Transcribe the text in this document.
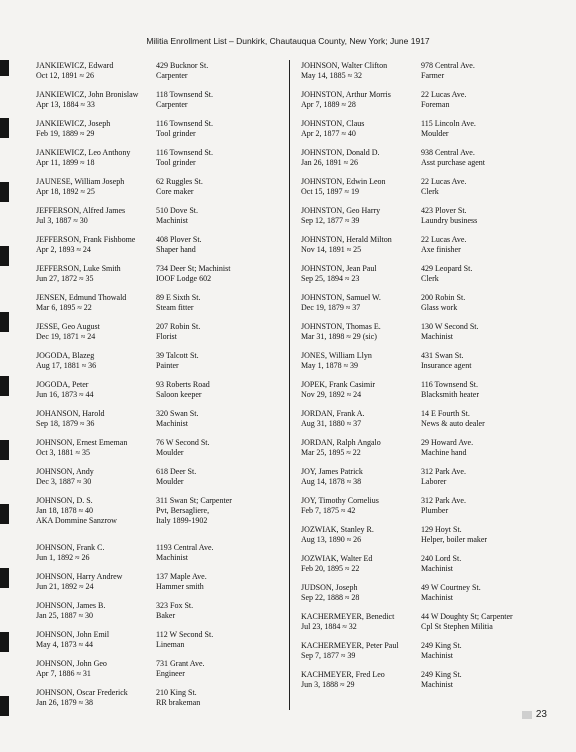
Militia Enrollment List – Dunkirk, Chautauqua County, New York; June 1917
JANKIEWICZ, Edward
Oct 12, 1891 ≈ 26
429 Bucknor St.
Carpenter
JANKIEWICZ, John Bronislaw
Apr 13, 1884 ≈ 33
118 Townsend St.
Carpenter
JANKIEWICZ, Joseph
Feb 19, 1889 ≈ 29
116 Townsend St.
Tool grinder
JANKIEWICZ, Leo Anthony
Apr 11, 1899 ≈ 18
116 Townsend St.
Tool grinder
JAUNESE, William Joseph
Apr 18, 1892 ≈ 25
62 Ruggles St.
Core maker
JEFFERSON, Alfred James
Jul 3, 1887 ≈ 30
510 Dove St.
Machinist
JEFFERSON, Frank Fishbome
Apr 2, 1893 ≈ 24
408 Plover St.
Shaper hand
JEFFERSON, Luke Smith
Jun 27, 1872 ≈ 35
734 Deer St; Machinist
IOOF Lodge 602
JENSEN, Edmund Thowald
Mar 6, 1895 ≈ 22
89 E Sixth St.
Steam fitter
JESSE, Geo August
Dec 19, 1871 ≈ 24
207 Robin St.
Florist
JOGODA, Blazeg
Aug 17, 1881 ≈ 36
39 Talcott St.
Painter
JOGODA, Peter
Jun 16, 1873 ≈ 44
93 Roberts Road
Saloon keeper
JOHANSON, Harold
Sep 18, 1879 ≈ 36
320 Swan St.
Machinist
JOHNSON, Ernest Ememan
Oct 3, 1881 ≈ 35
76 W Second St.
Moulder
JOHNSON, Andy
Dec 3, 1887 ≈ 30
618 Deer St.
Moulder
JOHNSON, D. S.
Jan 18, 1878 ≈ 40
AKA Dommine Sanzrow
311 Swan St; Carpenter
Pvt, Bersagliere,
Italy 1899-1902
JOHNSON, Frank C.
Jun 1, 1892 ≈ 26
1193 Central Ave.
Machinist
JOHNSON, Harry Andrew
Jun 21, 1892 ≈ 24
137 Maple Ave.
Hammer smith
JOHNSON, James B.
Jan 25, 1887 ≈ 30
323 Fox St.
Baker
JOHNSON, John Emil
May 4, 1873 ≈ 44
112 W Second St.
Lineman
JOHNSON, John Geo
Apr 7, 1886 ≈ 31
731 Grant Ave.
Engineer
JOHNSON, Oscar Frederick
Jan 26, 1879 ≈ 38
210 King St.
RR brakeman
JOHNSON, Walter Clifton
May 14, 1885 ≈ 32
978 Central Ave.
Farmer
JOHNSTON, Arthur Morris
Apr 7, 1889 ≈ 28
22 Lucas Ave.
Foreman
JOHNSTON, Claus
Apr 2, 1877 ≈ 40
115 Lincoln Ave.
Moulder
JOHNSTON, Donald D.
Jan 26, 1891 ≈ 26
938 Central Ave.
Asst purchase agent
JOHNSTON, Edwin Leon
Oct 15, 1897 ≈ 19
22 Lucas Ave.
Clerk
JOHNSTON, Geo Harry
Sep 12, 1877 ≈ 39
423 Plover St.
Laundry business
JOHNSTON, Herald Milton
Nov 14, 1891 ≈ 25
22 Lucas Ave.
Axe finisher
JOHNSTON, Jean Paul
Sep 25, 1894 ≈ 23
429 Leopard St.
Clerk
JOHNSTON, Samuel W.
Dec 19, 1879 ≈ 37
200 Robin St.
Glass work
JOHNSTON, Thomas E.
Mar 31, 1898 ≈ 29 (sic)
130 W Second St.
Machinist
JONES, William Llyn
May 1, 1878 ≈ 39
431 Swan St.
Insurance agent
JOPEK, Frank Casimir
Nov 29, 1892 ≈ 24
116 Townsend St.
Blacksmith heater
JORDAN, Frank A.
Aug 31, 1880 ≈ 37
14 E Fourth St.
News & auto dealer
JORDAN, Ralph Angalo
Mar 25, 1895 ≈ 22
29 Howard Ave.
Machine hand
JOY, James Patrick
Aug 14, 1878 ≈ 38
312 Park Ave.
Laborer
JOY, Timothy Cornelius
Feb 7, 1875 ≈ 42
312 Park Ave.
Plumber
JOZWIAK, Stanley R.
Aug 13, 1890 ≈ 26
129 Hoyt St.
Helper, boiler maker
JOZWIAK, Walter Ed
Feb 20, 1895 ≈ 22
240 Lord St.
Machinist
JUDSON, Joseph
Sep 22, 1888 ≈ 28
49 W Courtney St.
Machinist
KACHERMEYER, Benedict
Jul 23, 1884 ≈ 32
44 W Doughty St; Carpenter
Cpl St Stephen Militia
KACHERMEYER, Peter Paul
Sep 7, 1877 ≈ 39
249 King St.
Machinist
KACHMEYER, Fred Leo
Jun 3, 1888 ≈ 29
249 King St.
Machinist
23
